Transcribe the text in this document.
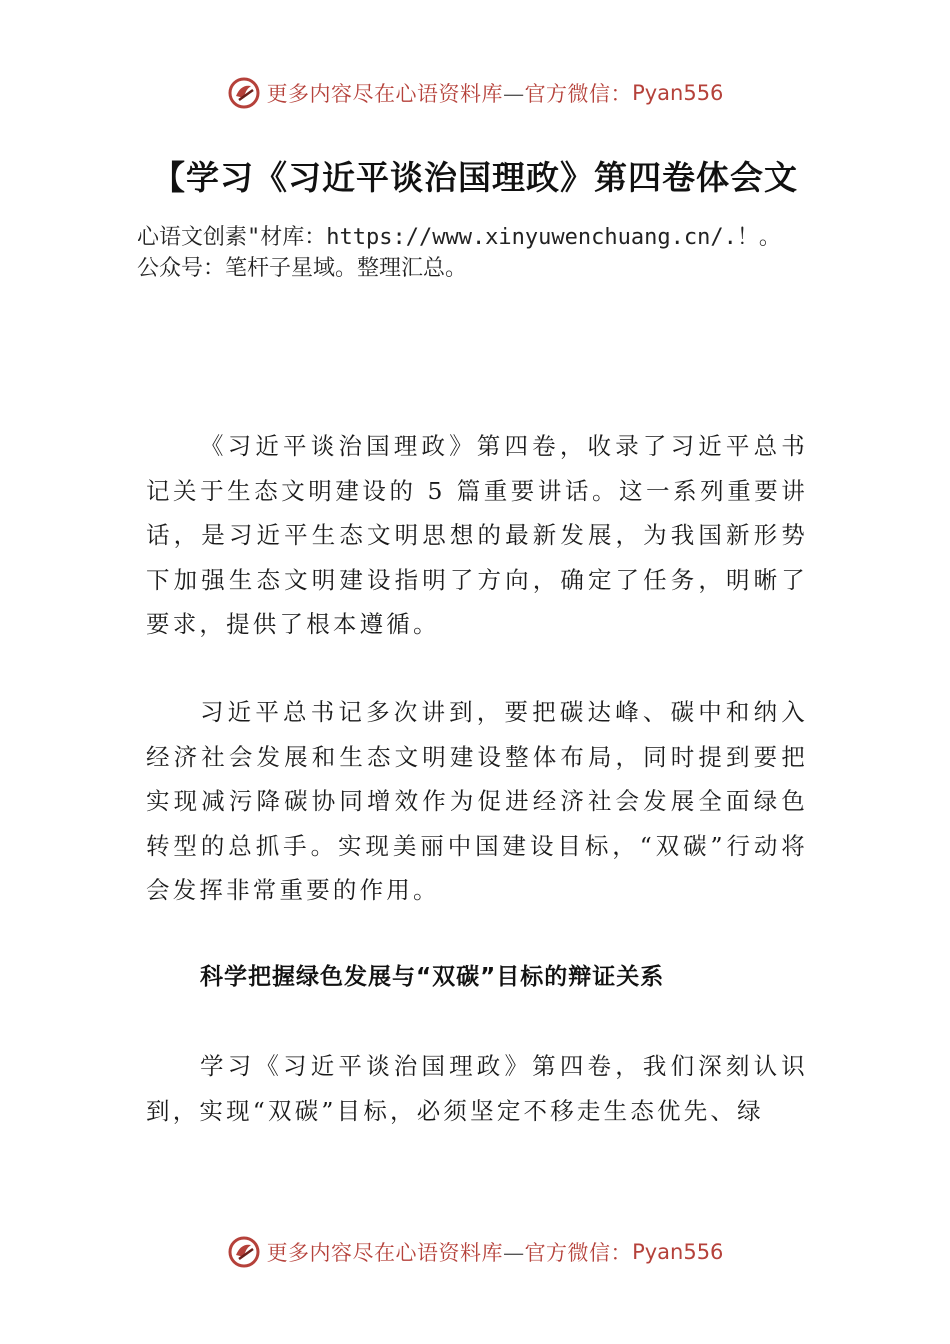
更多内容尽在心语资料库—官方微信： Pyan556
【学习《习近平谈治国理政》第四卷体会文
心语文创素"材库：https://www.xinyuwenchuang.cn/.！。
公众号：笔杆子星域。整理汇总。

《习近平谈治国理政》第四卷，收录了习近平总书记关于生态文明建设的 5 篇重要讲话。这一系列重要讲话，是习近平生态文明思想的最新发展，为我国新形势下加强生态文明建设指明了方向，确定了任务，明晰了要求，提供了根本遵循。

习近平总书记多次讲到，要把碳达峰、碳中和纳入经济社会发展和生态文明建设整体布局，同时提到要把实现减污降碳协同增效作为促进经济社会发展全面绿色转型的总抓手。实现美丽中国建设目标，“双碳”行动将会发挥非常重要的作用。

科学把握绿色发展与“双碳”目标的辩证关系

学习《习近平谈治国理政》第四卷，我们深刻认识到，实现“双碳”目标，必须坚定不移走生态优先、绿

更多内容尽在心语资料库—官方微信： Pyan556
